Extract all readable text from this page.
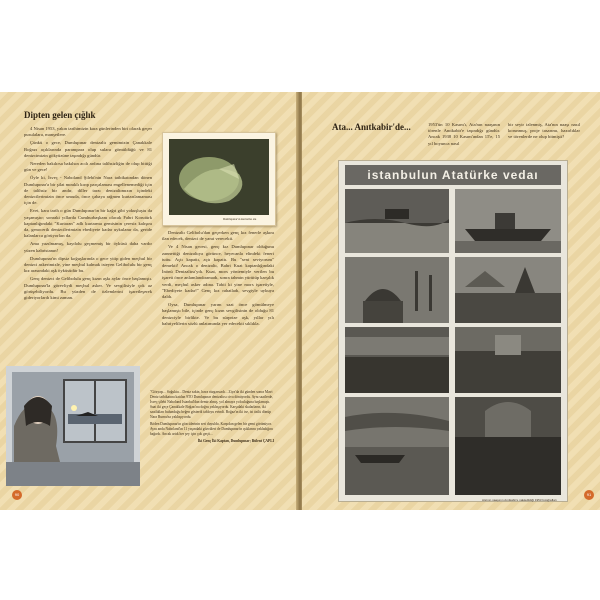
Dipten gelen çığlık

4 Nisan 1953, yakın tarihimizin kara günlerinden biri olarak geçer pusulalara, manşetlere.

Çünkü o gece, Dumlupınar denizaltı gemimizin Çanakkale Boğazı açıklarında parampara olup sulara gömüldüğü ve 81 denizcimizin gökyüzüne taşındığı gündür.

Nereden bakılırsa bakılsın acılı ardına talihsizliğin de olup bittiği gün ve gece!

Öyle ki, İsveç - Naboland Şilebi'nin Nara tatbikatından dönen Dumlupınar'a bir şilat mınıklı kırıp parçalaması engellenemediği için de talihsiz bir andır, diller tarzı denizaltımızın içindeki denizcilerimizin önce umuda, önce çabaya rağmen kurtarılamaması için de.

Evet, kara tarih o gün Dumlupınar'ın bir kağıt gibi yokuşluştu da yaşamıştır; sonraki yıllarda Cumhurbaşkanı olacak Fahri Korutürk kaptanlığındaki "Kurtaran" adlı kurtarma gemisinin çeresiz kalışını da, genocerik denizcilerimizin ebediyete kadar uykulanır da, geride kalanlarca görüyorları da.

Ama yazılmamış, kaydolu geçmemiş bir öyküsü daha vardır yüzen kabristanın!

Dumlupınar'ın dipsiz koğuşlarında o gece yitip giden meçhul bir denizci askerimizle, yine meçhul kalmak isteyen Gelibolulu bir genç kız arasındaki aşk öyküsüdür bu.

Genç denizci de Gelibolulu genç kızın aşkı aylar önce başlamıştı. Dumlupınar'la görevliydi meçhul asker. Ve sevgilisiyle çok az görüşebiliyordu. Bu yüzden de özlemlerini işaretleşerek gideriyorlardı kimi zaman.

Dumlupınar'ın kurtarma anı

Denizaltı Gelibolu'dan geçerken genç kız fenerle aşkını ilan edecek, denizci de yanıt verecekti.

Ve 4 Nisan gecesi, genç kız Dumlupınar olduğunu zannettiği denizaltıya görünce, heyecanla elindeki feneri tuttu. Açtı kapattı, açtı kapattı. Bu "seni seviyorum" demekti! Ancak o denizaltı, Bahri Kuat kaptanlığındaki İnönü Denizaltısı'ydı. Kuat, mors yöntemiyle verilen bu işareti önce anlamlandıramadı, sonra tahmin yürütüp karşılık verdi, meçhul asker adına. Tabii ki yine mors işaretiyle, "Ebediyete kadar!" Genç kız rahatladı, sevgiyle uykuya daldı.

Oysa, Dumlupınar yarım saat önce gömülmeye başlamıştı bile, içinde genç kızın sevgilisinin de olduğu 81 denizciyle birlikte. Ve bu sürprize aşk, yıllar yılı bahriyelilerin sözlü anlatımında yer edecekti sıklıkla.

"Gözyaşı... Soğuktu... Deniz sakin, hava rüzgarsızdı... Ziya'da iki günden sonra Mavi Deniz tatbikatına katılan 9TO Dumlupınar denizaltısı civa dönüyordu. Aynı saatlerde, İsveç şilebi Naboland Istanbul'dan demir almış, yol almaya yolculuğuna başlamıştı. Saat iki geçe Çanakkale Boğazı'na doğru yaklaşıyordu. Karşıdaki skalarların, iki saatlıkları bulunduğu beğen gösterdi tabloyu evindi. Boğaz'ın iki ise, ist üstlü dönüp Nara Burnu'na yaklaşıyordu.

Böden Dumlupınar'ın gözcülerinin seri duyuldu. Karşıdan gelen bir gemi görünüyor. Aynı anda Naboland'ın 11 yaşındaki gözcüleri de Dumlupınar'ın ışıklarını yakladığını bağırdı. Ancak artık her şey için çok geçti...

İki Genç İki Kaptan, Dumlupınar; Bülent ÇAPLI

90
Ata... Anıtkabir'de...	1953'ün 10 Kasım'ı, Ata'nın naaşının törenle Anıtkabir'e taşındığı gündür. Ancak 1938 10 Kasım'ından 15'e, 15 yıl boyunca nasıl
bir seyir izlenmiş, Ata'nın naaşı nasıl korunmuş, proje tasarımı, hazırlıklar ve törenlerde ne olup bitmişti?
istanbulun Atatürke vedaı
Ata'nın naaşının Anıtkabir'e nakledildiği 1953 fotoğrafları
91
